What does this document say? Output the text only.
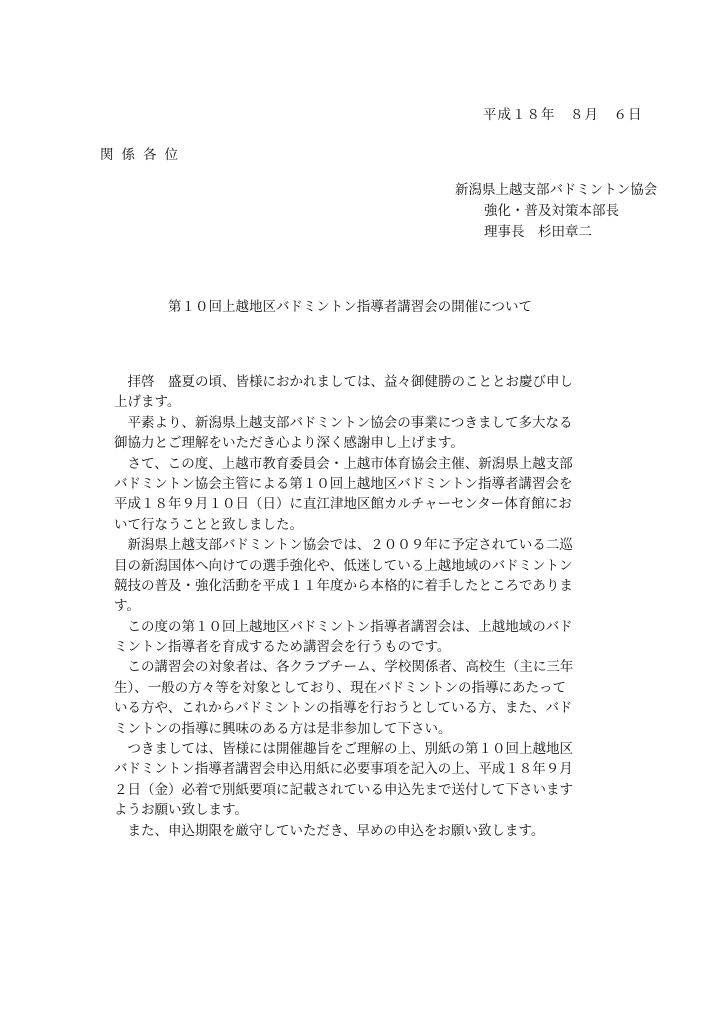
平成１８年　８月　６日
関係各位
新潟県上越支部バドミントン協会
強化・普及対策本部長
理事長　杉田章二
第１０回上越地区バドミントン指導者講習会の開催について
　拝啓　盛夏の頃、皆様におかれましては、益々御健勝のこととお慶び申し
上げます。
　平素より、新潟県上越支部バドミントン協会の事業につきまして多大なる
御協力とご理解をいただき心より深く感謝申し上げます。
　さて、この度、上越市教育委員会・上越市体育協会主催、新潟県上越支部
バドミントン協会主管による第１０回上越地区バドミントン指導者講習会を
平成１８年９月１０日（日）に直江津地区館カルチャーセンター体育館にお
いて行なうことと致しました。
　新潟県上越支部バドミントン協会では、２００９年に予定されている二巡
目の新潟国体へ向けての選手強化や、低迷している上越地域のバドミントン
競技の普及・強化活動を平成１１年度から本格的に着手したところでありま
す。
　この度の第１０回上越地区バドミントン指導者講習会は、上越地域のバド
ミントン指導者を育成するため講習会を行うものです。
　この講習会の対象者は、各クラブチーム、学校関係者、高校生（主に三年
生）、一般の方々等を対象としており、現在バドミントンの指導にあたって
いる方や、これからバドミントンの指導を行おうとしている方、また、バド
ミントンの指導に興味のある方は是非参加して下さい。
　つきましては、皆様には開催趣旨をご理解の上、別紙の第１０回上越地区
バドミントン指導者講習会申込用紙に必要事項を記入の上、平成１８年９月
２日（金）必着で別紙要項に記載されている申込先まで送付して下さいます
ようお願い致します。
　また、申込期限を厳守していただき、早めの申込をお願い致します。
